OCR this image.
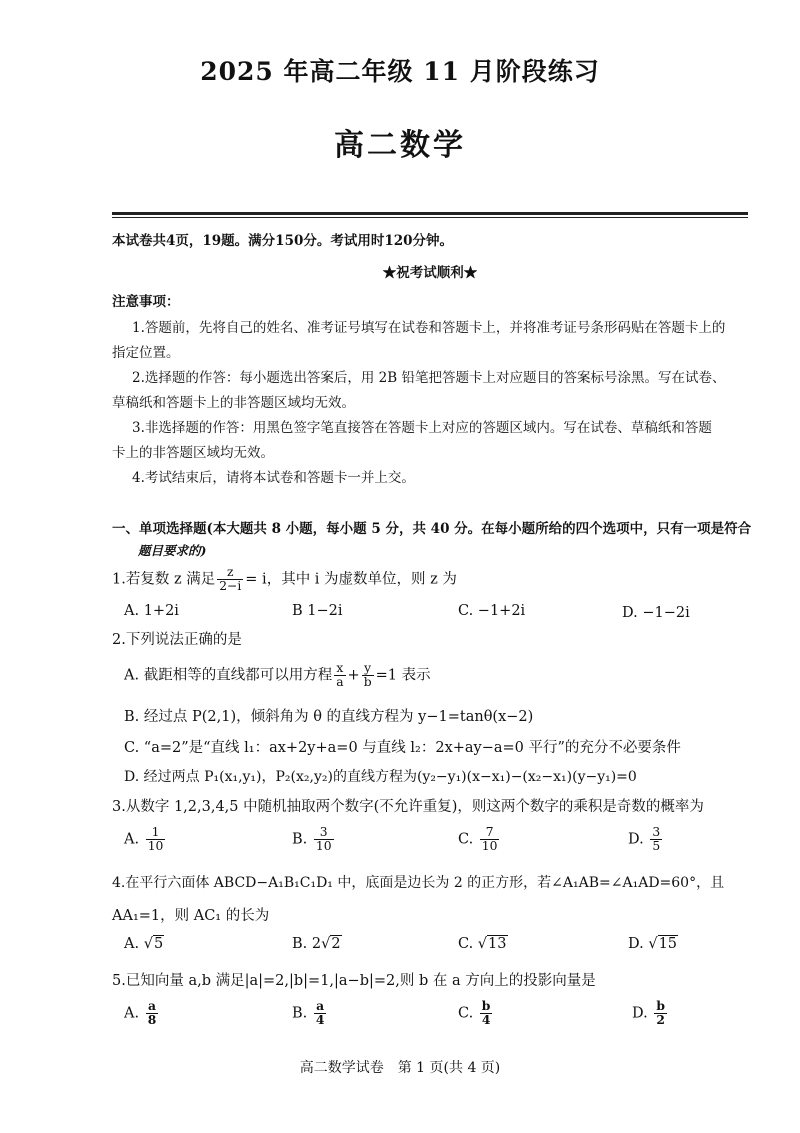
2025 年高二年级 11 月阶段练习
高二数学
本试卷共4页，19题。满分150分。考试用时120分钟。
★祝考试顺利★
注意事项：
1.答题前，先将自己的姓名、准考证号填写在试卷和答题卡上，并将准考证号条形码贴在答题卡上的
指定位置。
2.选择题的作答：每小题选出答案后，用 2B 铅笔把答题卡上对应题目的答案标号涂黑。写在试卷、
草稿纸和答题卡上的非答题区域均无效。
3.非选择题的作答：用黑色签字笔直接答在答题卡上对应的答题区域内。写在试卷、草稿纸和答题
卡上的非答题区域均无效。
4.考试结束后，请将本试卷和答题卡一并上交。
一、单项选择题(本大题共 8 小题，每小题 5 分，共 40 分。在每小题所给的四个选项中，只有一项是符合
题目要求的)
1.若复数 z 满足 $\frac{z}{2-i} = i$，其中 i 为虚数单位，则 z 为
A. 1+2i	B 1−2i	C. −1+2i	D. −1−2i
2.下列说法正确的是
A. 截距相等的直线都可以用方程 $\frac{x}{a} + \frac{y}{b} =1$ 表示
B. 经过点 P(2,1)，倾斜角为 θ 的直线方程为 y−1=tanθ(x−2)
C. “a=2”是“直线 l₁：ax+2y+a=0 与直线 l₂：2x+ay−a=0 平行”的充分不必要条件
D. 经过两点 P₁(x₁,y₁)，P₂(x₂,y₂)的直线方程为(y₂−y₁)(x−x₁)−(x₂−x₁)(y−y₁)=0
3.从数字 1,2,3,4,5 中随机抽取两个数字(不允许重复)，则这两个数字的乘积是奇数的概率为
A. $\frac{1}{10}$	B. $\frac{3}{10}$	C. $\frac{7}{10}$	D. $\frac{3}{5}$
4.在平行六面体 ABCD−A₁B₁C₁D₁ 中，底面是边长为 2 的正方形，若∠A₁AB=∠A₁AD=60°，且
AA₁=1，则 AC₁ 的长为
A. √5	B. 2√2	C. √13	D. √15
5.已知向量 a,b 满足|a|=2,|b|=1,|a−b|=2,则 b 在 a 方向上的投影向量是
A. $\frac{a}{8}$	B. $\frac{a}{4}$	C. $\frac{b}{4}$	D. $\frac{b}{2}$
高二数学试卷　第 1 页(共 4 页)
